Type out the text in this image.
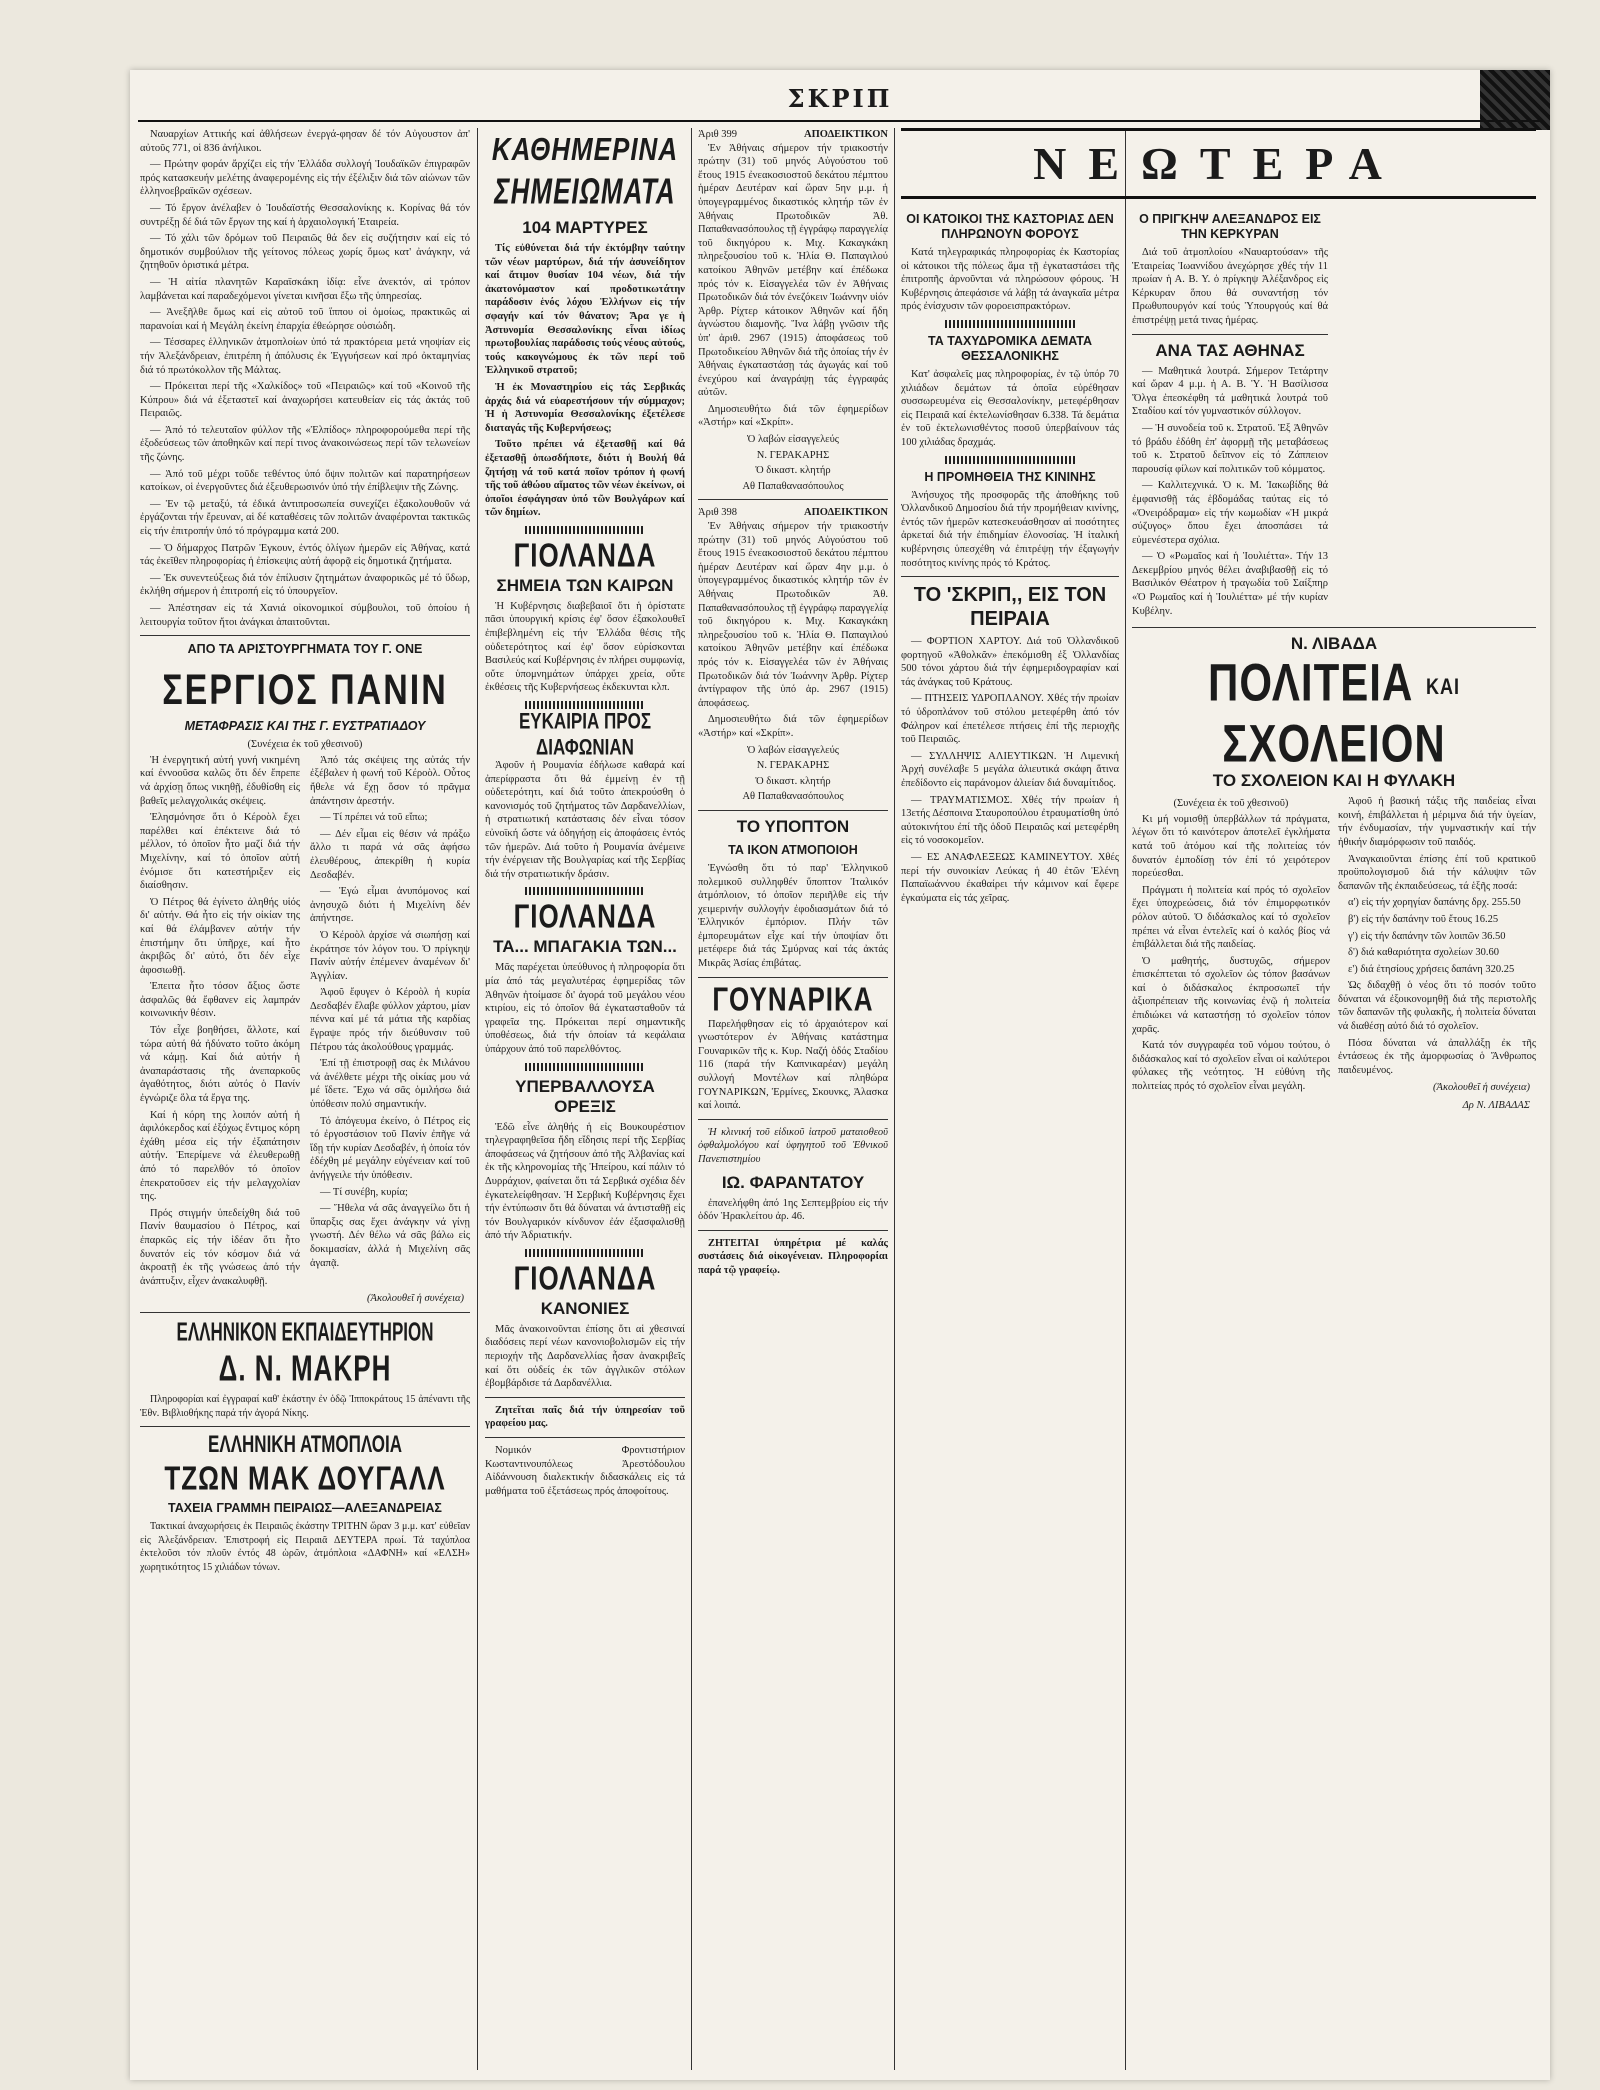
ΣΚΡΙΠ

Ναυαρχίων Αττικής καί ἀθλήσεων ἐνεργά-φησαν δέ τόν Αὐγουστον ἀπ' αὐτοῦς 771, οἱ 836 ἀνήλικοι.

— Πρώτην φοράν ἄρχίζει εἰς τήν Ἑλλάδα συλλογή Ἰουδαϊκῶν ἐπιγραφῶν πρός κατασκευήν μελέτης ἀναφερομένης εἰς τήν ἐξέλιξιν διά τῶν αἰώνων τῶν ἑλληνοεβραϊκῶν σχέσεων.

— Τό ἔργον ἀνέλαβεν ὁ Ἰουδαϊστής Θεσσαλονίκης κ. Κορίνας θά τόν συντρέξῃ δέ διά τῶν ἔργων της καί ἡ ἀρχαιολογική Ἑταιρεία.

— Τό χάλι τῶν δρόμων τοῦ Πειραιῶς θά δεν εἰς συζήτησιν καί εἰς τό δημοτικόν συμβούλιον τῆς γείτονος πόλεως χωρίς ὅμως κατ' ἀνάγκην, νά ζητηθοῦν ὁριστικά μέτρα.

— Ἡ αἰτία πλανητῶν Καραϊσκάκη ἰδίᾳ: εἶνε ἀνεκτόν, αἱ τρόπον λαμβάνεται καί παραδεχόμενοι γίνεται κινῆσαι ἔξω τῆς ὑπηρεσίας.

— Ἀνεξῆλθε ὅμως καί εἰς αὐτοῦ τοῦ ἵππου οἱ ὁμοίως, πρακτικῶς αἱ παρανοίαι καί ἡ Μεγάλη ἐκείνη ἐπαρχία ἐθεώρησε οὐσιώδη.

— Τέσσαρες ἑλληνικῶν ἀτμοπλοίων ὑπό τά πρακτόρεια μετά νηοψίαν εἰς τήν Ἀλεξάνδρειαν, ἐπιτρέπη ἡ ἀπόλυσις ἐκ Ἐγγυήσεων καί πρό ὀκταμηνίας διά τό πρωτόκολλον τῆς Μάλτας.

— Πρόκειται περί τῆς «Χαλκίδος» τοῦ «Πειραιῶς» καί τοῦ «Κοινοῦ τῆς Κύπρου» διά νά ἐξεταστεῖ καί ἀναχωρήσει κατευθείαν εἰς τάς ἀκτάς τοῦ Πειραιῶς.

— Ἀπό τό τελευταῖον φύλλον τῆς «Ἐλπίδος» πληροφορούμεθα περί τῆς ἐξοδεύσεως τῶν ἀποθηκῶν καί περί τινος ἀνακοινώσεως περί τῶν τελωνείων τῆς ζώνης.

— Ἀπό τοῦ μέχρι τοῦδε τεθέντος ὑπό ὄψιν πολιτῶν καί παρατηρήσεων κατοίκων, οἱ ἐνεργοῦντες διά ἐξευθερωσινόν ὑπό τήν ἐπίβλεψιν τῆς Ζώνης.

— Ἐν τῷ μεταξύ, τά ἐδικά ἀντιπροσωπεία συνεχίζει ἐξακολουθοῦν νά ἐργάζονται τήν ἔρευναν, αἱ δέ καταθέσεις τῶν πολιτῶν ἀναφέρονται τακτικῶς εἰς τήν ἐπιτροπήν ὑπό τό πρόγραμμα κατά 200.

— Ὁ δήμαρχος Πατρῶν Ἐγκουν, ἐντός ὀλίγων ἡμερῶν εἰς Ἀθήνας, κατά τάς ἐκεῖθεν πληροφορίας ἡ ἐπίσκεψις αὐτή ἀφορᾷ εἰς δημοτικά ζητήματα.

— Ἐκ συνεντεύξεως διά τόν ἐπίλυσιν ζητημάτων ἀναφορικῶς μέ τό ὕδωρ, ἐκλήθη σήμερον ἡ ἐπιτροπή εἰς τό ὑπουργεῖον.

— Ἀπέστησαν εἰς τά Χανιά οἰκονομικοί σύμβουλοι, τοῦ ὁποίου ἡ λειτουργία τοῦτον ἤτοι ἀνάγκαι ἀπαιτοῦνται.

ΑΠΟ ΤΑ ΑΡΙΣΤΟΥΡΓΗΜΑΤΑ ΤΟΥ Γ. ΟΝΕ
ΣΕΡΓΙΟΣ ΠΑΝΙΝ
ΜΕΤΑΦΡΑΣΙΣ ΚΑΙ ΤΗΣ Γ. ΕΥΣΤΡΑΤΙΑΔΟΥ
(Συνέχεια ἐκ τοῦ χθεσινοῦ)

Ἡ ἐνεργητική αὐτή γυνή νικημένη καί ἐννοοῦσα καλῶς ὅτι δέν ἔπρεπε νά ἀρχίσῃ ὅπως νικηθῇ, ἐδυθίσθη εἰς βαθεῖς μελαγχολικάς σκέψεις.

Ἐλησμόνησε ὅτι ὁ Κέροὸλ ἔχει παρέλθει καί ἐπέκτεινε διά τό μέλλον, τό ὁποῖον ἦτο μαζί διά τήν Μιχελίνην, καί τό ὁποῖον αὐτή ἐνόμισε ὅτι κατεστήριξεν εἰς διαίσθησιν.

Ὁ Πέτρος θά ἐγίνετο ἀληθής υἱός δι' αὐτήν. Θά ἦτο εἰς τήν οἰκίαν της καί θά ἐλάμβανεν αὐτήν τήν ἐπιστήμην ὅτι ὑπῆρχε, καί ἦτο ἀκριβῶς δι' αὐτό, ὅτι δέν εἶχε ἀφοσιωθῇ.

Ἐπειτα ἦτο τόσον ἄξιος ὥστε ἀσφαλῶς θά ἔφθανεν εἰς λαμπράν κοινωνικήν θέσιν.

Τόν εἶχε βοηθήσει, ἄλλοτε, καί τώρα αὐτή θά ἠδύνατο τοῦτο ἀκόμη νά κάμῃ. Καί διά αὐτήν ἡ ἀναπαράστασις τῆς ἀνεπαρκοῦς ἀγαθότητος, διότι αὐτός ὁ Πανίν ἐγνώριζε ὅλα τά ἔργα της.

Καί ἡ κόρη της λοιπόν αὐτή ἡ ἀφιλόκερδος καί ἐξόχως ἔντιμος κόρη ἐχάθη μέσα εἰς τήν ἐξαπάτησιν αὐτήν. Ἐπερίμενε νά ἐλευθερωθῇ ἀπό τό παρελθόν τό ὁποῖον ἐπεκρατοῦσεν εἰς τήν μελαγχολίαν της.

Πρός στιγμήν ὑπεδείχθη διά τοῦ Πανίν θαυμασίου ὁ Πέτρος, καί ἐπαρκῶς εἰς τήν ἰδέαν ὅτι ἦτο δυνατόν εἰς τόν κόσμον διά νά ἀκροατῇ ἐκ τῆς γνώσεως ἀπό τήν ἀνάπτυξιν, εἶχεν ἀνακαλυφθῇ.

Ἀπό τάς σκέψεις της αὐτάς τήν ἐξέβαλεν ἡ φωνή τοῦ Κέροὸλ. Οὗτος ἤθελε νά ἔχῃ ὅσον τό πρᾶγμα ἀπάντησιν ἀρεστήν.

— Τί πρέπει νά τοῦ εἴπω;

— Δέν εἶμαι εἰς θέσιν νά πράξω ἄλλο τι παρά νά σᾶς ἀφήσω ἐλευθέρους, ἀπεκρίθη ἡ κυρία Δεσδαβέν.

— Ἐγώ εἶμαι ἀνυπόμονος καί ἀνησυχῶ διότι ἡ Μιχελίνη δέν ἀπήντησε.

Ὁ Κέροὸλ ἀρχίσε νά σιωπήσῃ καί ἐκράτησε τόν λόγον του. Ὁ πρίγκηψ Πανίν αὐτήν ἐπέμενεν ἀναμένων δι' Ἀγγλίαν.

Ἀφοῦ ἔφυγεν ὁ Κέροὸλ ἡ κυρία Δεσδαβέν ἔλαβε φύλλον χάρτου, μίαν πέννα καί μέ τά μάτια τῆς καρδίας ἔγραψε πρός τήν διεύθυνσιν τοῦ Πέτρου τάς ἀκολούθους γραμμάς.

Ἐπί τῇ ἐπιστροφῇ σας ἐκ Μιλάνου νά ἀνέλθετε μέχρι τῆς οἰκίας μου νά μέ ἴδετε. Ἔχω νά σᾶς ὁμιλήσω διά ὑπόθεσιν πολύ σημαντικήν.

Τό ἀπόγευμα ἐκείνο, ὁ Πέτρος εἰς τό ἐργοστάσιον τοῦ Πανίν ἐπῆγε νά ἴδῃ τήν κυρίαν Δεσδαβέν, ἡ ὁποία τόν ἐδέχθη μέ μεγάλην εὐγένειαν καί τοῦ ἀνήγγειλε τήν ὑπόθεσιν.

— Τί συνέβη, κυρία;

— Ἤθελα νά σᾶς ἀναγγείλω ὅτι ἡ ὕπαρξις σας ἔχει ἀνάγκην νά γίνῃ γνωστή. Δέν θέλω νά σᾶς βάλω εἰς δοκιμασίαν, ἀλλά ἡ Μιχελίνη σᾶς ἀγαπᾷ.

(Ἀκολουθεῖ ἡ συνέχεια)
ΕΛΛΗΝΙΚΟΝ ΕΚΠΑΙΔΕΥΤΗΡΙΟΝ
Δ. Ν. ΜΑΚΡΗ

Πληροφορίαι καί ἐγγραφαί καθ' ἑκάστην ἐν ὁδῷ Ἱπποκράτους 15 ἀπέναντι τῆς Ἐθν. Βιβλιοθήκης παρά τήν ἀγορά Νίκης.

ΕΛΛΗΝΙΚΗ ΑΤΜΟΠΛΟΙΑ
ΤΖΩΝ ΜΑΚ ΔΟΥΓΑΛΛ
ΤΑΧΕΙΑ ΓΡΑΜΜΗ ΠΕΙΡΑΙΩΣ—ΑΛΕΞΑΝΔΡΕΙΑΣ

Τακτικαί ἀναχωρήσεις ἐκ Πειραιῶς ἑκάστην ΤΡΙΤΗΝ ὥραν 3 μ.μ. κατ' εὐθεῖαν εἰς Ἀλεξάνδρειαν. Ἐπιστροφή εἰς Πειραιᾶ ΔΕΥΤΕΡΑ πρωί. Τά ταχύπλοα ἐκτελοῦσι τόν πλοῦν ἐντός 48 ὡρῶν, ἀτμόπλοια «ΔΑΦΝΗ» καί «ΕΛΣΗ» χωρητικότητος 15 χιλιάδων τόνων.

ΚΑΘΗΜΕΡΙΝΑ
ΣΗΜΕΙΩΜΑΤΑ
104 ΜΑΡΤΥΡΕΣ

Τίς εὐθύνεται διά τήν ἐκτόμβην ταύτην τῶν νέων μαρτύρων, διά τήν ἀσυνείδητον καί ἄτιμον θυσίαν 104 νέων, διά τήν ἀκατονόμαστον καί προδοτικωτάτην παράδοσιν ἑνός λόχου Ἑλλήνων εἰς τήν σφαγήν καί τόν θάνατον; Ἄρα γε ἡ Ἀστυνομία Θεσσαλονίκης εἶναι ἰδίως πρωτοβουλίας παράδοσις τούς νέους αὐτούς, τούς κακογνώμους ἐκ τῶν περί τοῦ Ἑλληνικοῦ στρατοῦ;

Ἡ ἐκ Μοναστηρίου εἰς τάς Σερβικάς ἀρχάς διά νά εὐαρεστήσουν τήν σύμμαχον; Ἡ ἡ Ἀστυνομία Θεσσαλονίκης ἐξετέλεσε διαταγάς τῆς Κυβερνήσεως;

Τοῦτο πρέπει νά ἐξετασθῇ καί θά ἐξετασθῇ ὁπωσδήποτε, διότι ἡ Βουλή θά ζητήσῃ νά τοῦ κατά ποῖον τρόπον ἡ φωνή τῆς τοῦ ἀθώου αἵματος τῶν νέων ἐκείνων, οἱ ὁποῖοι ἐσφάγησαν ὑπό τῶν Βουλγάρων καί τῶν δημίων.

ΓΙΟΛΑΝΔΑ
ΣΗΜΕΙΑ ΤΩΝ ΚΑΙΡΩΝ

Ἡ Κυβέρνησις διαβεβαιοῖ ὅτι ἡ ὁρίστατε πᾶσι ὑπουργική κρίσις ἐφ' ὅσον ἐξακολουθεῖ ἐπιβεβλημένη εἰς τήν Ἑλλάδα θέσις τῆς οὐδετερότητος καί ἐφ' ὅσον εὐρίσκονται Βασιλεύς καί Κυβέρνησις ἐν πλήρει συμφωνίᾳ, οὔτε ὑπομνημάτων ὑπάρχει χρεία, οὔτε ἐκθέσεις τῆς Κυβερνήσεως ἐκδεκυνται κλπ.

ΕΥΚΑΙΡΙΑ ΠΡΟΣ ΔΙΑΦΩΝΙΑΝ

Ἀφοῦν ἡ Ρουμανία ἐδήλωσε καθαρά καί ἀπερίφραστα ὅτι θά ἐμμείνῃ ἐν τῇ οὐδετερότητι, καί διά τοῦτο ἀπεκρούσθη ὁ κανονισμός τοῦ ζητήματος τῶν Δαρδανελλίων, ἡ στρατιωτική κατάστασις δέν εἶναι τόσον εὐνοϊκή ὥστε νά ὁδηγήσῃ εἰς ἀποφάσεις ἐντός τῶν ἡμερῶν. Διά τοῦτο ἡ Ρουμανία ἀνέμεινε τήν ἐνέργειαν τῆς Βουλγαρίας καί τῆς Σερβίας διά τήν στρατιωτικήν δράσιν.

ΓΙΟΛΑΝΔΑ
ΤΑ... ΜΠΑΓΑΚΙΑ ΤΩΝ...

Μᾶς παρέχεται ὑπεύθυνος ἡ πληροφορία ὅτι μία ἀπό τάς μεγαλυτέρας ἐφημερίδας τῶν Ἀθηνῶν ἠτοίμασε δι' ἀγορά τοῦ μεγάλου νέου κτιρίου, εἰς τό ὁποῖον θά ἐγκατασταθοῦν τά γραφεῖα της. Πρόκειται περί σημαντικῆς ὑποθέσεως, διά τήν ὁποίαν τά κεφάλαια ὑπάρχουν ἀπό τοῦ παρελθόντος.

ΥΠΕΡΒΑΛΛΟΥΣΑ ΟΡΕΞΙΣ

Ἐδῶ εἶνε ἀληθής ἡ εἰς Βουκουρέστιον τηλεγραφηθεῖσα ἤδη εἴδησις περί τῆς Σερβίας ἀποφάσεως νά ζητήσουν ἀπό τῆς Ἀλβανίας καί ἐκ τῆς κληρονομίας τῆς Ἠπείρου, καί πάλιν τό Δυρράχιον, φαίνεται ὅτι τά Σερβικά σχέδια δέν ἐγκατελείφθησαν. Ἡ Σερβική Κυβέρνησις ἔχει τήν ἐντύπωσιν ὅτι θά δύναται νά ἀντισταθῇ εἰς τόν Βουλγαρικόν κίνδυνον ἐάν ἐξασφαλισθῇ ἀπό τήν Ἀδριατικήν.

ΓΙΟΛΑΝΔΑ
ΚΑΝΟΝΙΕΣ

Μᾶς ἀνακοινοῦνται ἐπίσης ὅτι αἱ χθεσιναί διαδόσεις περί νέων κανονιοβολισμῶν εἰς τήν περιοχήν τῆς Δαρδανελλίας ἦσαν ἀνακριβεῖς καί ὅτι οὐδείς ἐκ τῶν ἀγγλικῶν στόλων ἐβομβάρδισε τά Δαρδανέλλια.

Ζητεῖται παῖς διά τήν ὑπηρεσίαν τοῦ γραφείου μας.

Νομικόν Φροντιστήριον Κωσταντινουπόλεως Ἀρεστόδουλου Αἰδάννουση διαλεκτικήν διδασκάλεις εἰς τά μαθήματα τοῦ ἐξετάσεως πρός ἀποφοίτους.

Ἀριθ 399	ΑΠΟΔΕΙΚΤΙΚΟΝ

Ἐν Ἀθήναις σήμερον τήν τριακοστήν πρώτην (31) τοῦ μηνός Αὐγούστου τοῦ ἔτους 1915 ἐνεακοσιοστοῦ δεκάτου πέμπτου ἡμέραν Δευτέραν καί ὥραν 5ην μ.μ. ἡ ὑπογεγραμμένος δικαστικός κλητήρ τῶν ἐν Ἀθήναις Πρωτοδικῶν Ἀθ. Παπαθανασόπουλος τῇ ἐγγράφῳ παραγγελίᾳ τοῦ δικηγόρου κ. Μιχ. Κακαγκάκη πληρεξουσίου τοῦ κ. Ἠλία Θ. Παπαγιλού κατοίκου Ἀθηνῶν μετέβην καί ἐπέδωκα πρός τόν κ. Εἰσαγγελέα τῶν ἐν Ἀθήναις Πρωτοδικῶν διά τόν ἐνεζόκειν Ἰωάννην υἱόν Ἀρθρ. Ρίχτερ κάτοικον Ἀθηνῶν καί ἤδη ἀγνώστου διαμονῆς. Ἵνα λάβῃ γνῶσιν τῆς ὑπ' ἀριθ. 2967 (1915) ἀποφάσεως τοῦ Πρωτοδικείου Ἀθηνῶν διά τῆς ὁποίας τήν ἐν Ἀθήναις ἐγκαταστάσῃ τάς ἀγωγάς καί τοῦ ἐνεχύρου καί ἀναγράψῃ τάς ἐγγραφάς αὐτῶν.

Δημοσιευθήτω διά τῶν ἐφημερίδων «Ἀστήρ» καί «Σκρίπ».

Ὁ λαβών εἰσαγγελεύς
Ν. ΓΕΡΑΚΑΡΗΣ
Ὁ δικαστ. κλητήρ
Αθ Παπαθανασόπουλος
Ἀριθ 398	ΑΠΟΔΕΙΚΤΙΚΟΝ

Ἐν Ἀθήναις σήμερον τήν τριακοστήν πρώτην (31) τοῦ μηνός Αὐγούστου τοῦ ἔτους 1915 ἐνεακοσιοστοῦ δεκάτου πέμπτου ἡμέραν Δευτέραν καί ὥραν 4ην μ.μ. ὁ ὑπογεγραμμένος δικαστικός κλητήρ τῶν ἐν Ἀθήναις Πρωτοδικῶν Ἀθ. Παπαθανασόπουλος τῇ ἐγγράφῳ παραγγελίᾳ τοῦ δικηγόρου κ. Μιχ. Κακαγκάκη πληρεξουσίου τοῦ κ. Ἠλία Θ. Παπαγιλού κατοίκου Ἀθηνῶν μετέβην καί ἐπέδωκα πρός τόν κ. Εἰσαγγελέα τῶν ἐν Ἀθήναις Πρωτοδικῶν διά τόν Ἰωάννην Ἀρθρ. Ρίχτερ ἀντίγραφον τῆς ὑπό ἀρ. 2967 (1915) ἀποφάσεως.

Δημοσιευθήτω διά τῶν ἐφημερίδων «Ἀστήρ» καί «Σκρίπ».

Ὁ λαβών εἰσαγγελεύς
Ν. ΓΕΡΑΚΑΡΗΣ
Ὁ δικαστ. κλητήρ
Αθ Παπαθανασόπουλος
ΤΟ ΥΠΟΠΤΟΝ
ΤΑ ΙΚΟΝ ΑΤΜΟΠΟΙΟΗ

Ἐγνώσθη ὅτι τό παρ' Ἑλληνικοῦ πολεμικοῦ συλληφθέν ὕποπτον Ἰταλικόν ἀτμόπλοιον, τό ὁποῖον περιῆλθε εἰς τήν χειμερινήν συλλογήν ἐφοδιασμάτων διά τό Ἑλληνικόν ἐμπόριον. Πλήν τῶν ἐμπορευμάτων εἶχε καί τήν ὑποψίαν ὅτι μετέφερε διά τάς Σμύρνας καί τάς ἀκτάς Μικρᾶς Ἀσίας ἐπιβάτας.

ΓΟΥΝΑΡΙΚΑ

Παρελήφθησαν εἰς τό ἀρχαιότερον καί γνωστότερον ἐν Ἀθήναις κατάστημα Γουναρικῶν τῆς κ. Κυρ. Ναζή ὁδός Σταδίου 116 (παρά τήν Καπνικαρέαν) μεγάλη συλλογή Μοντέλων καί πληθώρα ΓΟΥΝΑΡΙΚΩΝ, Ἐρμίνες, Σκουνκς, Ἀλασκα καί λοιπά.

Ἡ κλινική τοῦ εἰδικοῦ ἰατροῦ ματαιοθεοῦ ὀφθαλμολόγου καί ὑφηγητοῦ τοῦ Ἐθνικοῦ Πανεπιστημίου

ΙΩ. ΦΑΡΑΝΤΑΤΟΥ

ἐπανελήφθη ἀπό 1ης Σεπτεμβρίου εἰς τήν ὁδόν Ἡρακλείτου ἀρ. 46.

ΖΗΤΕΙΤΑΙ ὑπηρέτρια μέ καλάς συστάσεις διά οἰκογένειαν. Πληροφορίαι παρά τῷ γραφείῳ.

ΝΕΩΤΕΡΑ
ΟΙ ΚΑΤΟΙΚΟΙ ΤΗΣ ΚΑΣΤΟΡΙΑΣ ΔΕΝ ΠΛΗΡΩΝΟΥΝ ΦΟΡΟΥΣ

Κατά τηλεγραφικάς πληροφορίας ἐκ Καστορίας οἱ κάτοικοι τῆς πόλεως ἅμα τῇ ἐγκαταστάσει τῆς ἐπιτροπῆς ἀρνοῦνται νά πληρώσουν φόρους. Ἡ Κυβέρνησις ἀπεφάσισε νά λάβῃ τά ἀναγκαῖα μέτρα πρός ἐνίσχυσιν τῶν φοροεισπρακτόρων.

ΤΑ ΤΑΧΥΔΡΟΜΙΚΑ ΔΕΜΑΤΑ ΘΕΣΣΑΛΟΝΙΚΗΣ

Κατ' ἀσφαλεῖς μας πληροφορίας, ἐν τῷ ὑπόρ 70 χιλιάδων δεμάτων τά ὁποῖα εὑρέθησαν συσσωρευμένα εἰς Θεσσαλονίκην, μετεφέρθησαν εἰς Πειραιᾶ καί ἐκτελωνίσθησαν 6.338. Τά δεμάτια ἐν τοῦ ἐκτελωνισθέντος ποσοῦ ὑπερβαίνουν τάς 100 χιλιάδας δραχμάς.

Η ΠΡΟΜΗΘΕΙΑ ΤΗΣ ΚΙΝΙΝΗΣ

Ἀνήσυχος τῆς προσφορᾶς τῆς ἀποθήκης τοῦ Ὁλλανδικοῦ Δημοσίου διά τήν προμήθειαν κινίνης, ἐντός τῶν ἡμερῶν κατεσκευάσθησαν αἱ ποσότητες ἀρκεταί διά τήν ἐπιδημίαν ἐλονοσίας. Ἡ ἰταλική κυβέρνησις ὑπεσχέθη νά ἐπιτρέψῃ τήν ἐξαγωγήν ποσότητος κινίνης πρός τό Κράτος.

ΤΟ 'ΣΚΡΙΠ,, ΕΙΣ ΤΟΝ ΠΕΙΡΑΙΑ

— ΦΟΡΤΙΟΝ ΧΑΡΤΟΥ. Διά τοῦ Ὁλλανδικοῦ φορτηγοῦ «Ἀθολκᾶν» ἐπεκόμισθη ἐξ Ὁλλανδίας 500 τόνοι χάρτου διά τήν ἐφημεριδογραφίαν καί τάς ἀνάγκας τοῦ Κράτους.

— ΠΤΗΣΕΙΣ ΥΔΡΟΠΛΑΝΟΥ. Χθές τήν πρωίαν τό ὑδροπλάνον τοῦ στόλου μετεφέρθη ἀπό τόν Φάληρον καί ἐπετέλεσε πτήσεις ἐπί τῆς περιοχῆς τοῦ Πειραιῶς.

— ΣΥΛΛΗΨΙΣ ΑΛΙΕΥΤΙΚΩΝ. Ἡ Λιμενική Ἀρχή συνέλαβε 5 μεγάλα ἀλιευτικά σκάφη ἅτινα ἐπεδίδοντο εἰς παράνομον ἁλιείαν διά δυναμίτιδος.

— ΤΡΑΥΜΑΤΙΣΜΟΣ. Χθές τήν πρωίαν ἡ 13ετής Δέσποινα Σταυροπούλου ἐτραυματίσθη ὑπό αὐτοκινήτου ἐπί τῆς ὁδοῦ Πειραιῶς καί μετεφέρθη εἰς τό νοσοκομεῖον.

— ΕΣ ΑΝΑΦΛΕΞΕΩΣ ΚΑΜΙΝΕΥΤΟΥ. Χθές περί τήν συνοικίαν Λεύκας ἡ 40 ἐτῶν Ἑλένη Παπαϊωάννου ἐκαθαίρει τήν κάμινον καί ἔφερε ἐγκαύματα εἰς τάς χεῖρας.

Ο ΠΡΙΓΚΗΨ ΑΛΕΞΑΝΔΡΟΣ ΕΙΣ ΤΗΝ ΚΕΡΚΥΡΑΝ

Διά τοῦ ἀτμοπλοίου «Ναυαρτούσαν» τῆς Ἑταιρείας Ἰωαννίδου ἀνεχώρησε χθές τήν 11 πρωίαν ἡ Α. Β. Υ. ὁ πρίγκηψ Ἀλέξανδρος εἰς Κέρκυραν ὅπου θά συναντήσῃ τόν Πρωθυπουργόν καί τούς Ὑπουργούς καί θά ἐπιστρέψῃ μετά τινας ἡμέρας.

ΑΝΑ ΤΑΣ ΑΘΗΝΑΣ

— Μαθητικά λουτρά. Σήμερον Τετάρτην καί ὥραν 4 μ.μ. ἡ Α. Β. Ὑ. Ἡ Βασίλισσα Ὄλγα ἐπεσκέφθη τά μαθητικά λουτρά τοῦ Σταδίου καί τόν γυμναστικόν σύλλογον.

— Ἡ συνοδεία τοῦ κ. Στρατοῦ. Ἐξ Ἀθηνῶν τό βράδυ ἐδόθη ἐπ' ἀφορμῇ τῆς μεταβάσεως τοῦ κ. Στρατοῦ δεῖπνον εἰς τό Ζάππειον παρουσίᾳ φίλων καί πολιτικῶν τοῦ κόμματος.

— Καλλιτεχνικά. Ὁ κ. Μ. Ἰακωβίδης θά ἐμφανισθῇ τάς ἑβδομάδας ταύτας εἰς τό «Ὀνειρόδραμα» εἰς τήν κωμωδίαν «Ἡ μικρά σύζυγος» ὅπου ἔχει ἀποσπάσει τά εὐμενέστερα σχόλια.

— Ὁ «Ρωμαῖος καί ἡ Ἰουλιέττα». Τήν 13 Δεκεμβρίου μηνός θέλει ἀναβιβασθῇ εἰς τό Βασιλικόν Θέατρον ἡ τραγωδία τοῦ Σαίξπηρ «Ὁ Ρωμαῖος καί ἡ Ἰουλιέττα» μέ τήν κυρίαν Κυβέλην.

Ν. ΛΙΒΑΔΑ
ΠΟΛΙΤΕΙΑ ΚΑΙ ΣΧΟΛΕΙΟΝ
ΤΟ ΣΧΟΛΕΙΟΝ ΚΑΙ Η ΦΥΛΑΚΗ
(Συνέχεια ἐκ τοῦ χθεσινοῦ)

Κι μή νομισθῇ ὑπερβάλλων τά πράγματα, λέγων ὅτι τό καινότερον ἀποτελεῖ ἐγκλήματα κατά τοῦ ἀτόμου καί τῆς πολιτείας τόν δυνατόν ἐμποδίσῃ τόν ἐπί τό χειρότερον πορεύεσθαι.

Πράγματι ἡ πολιτεία καί πρός τό σχολεῖον ἔχει ὑποχρεώσεις, διά τόν ἐπιμορφωτικόν ρόλον αὐτοῦ. Ὁ διδάσκαλος καί τό σχολεῖον πρέπει νά εἶναι ἐντελεῖς καί ὁ καλός βίος νά ἐπιβάλλεται διά τῆς παιδείας.

Ὁ μαθητής, δυστυχῶς, σήμερον ἐπισκέπτεται τό σχολεῖον ὡς τόπον βασάνων καί ὁ διδάσκαλος ἐκπροσωπεῖ τήν ἀξιοπρέπειαν τῆς κοινωνίας ἐνῷ ἡ πολιτεία ἐπιδιώκει νά καταστήσῃ τό σχολεῖον τόπον χαρᾶς.

Κατά τόν συγγραφέα τοῦ νόμου τούτου, ὁ διδάσκαλος καί τό σχολεῖον εἶναι οἱ καλύτεροι φύλακες τῆς νεότητος. Ἡ εὐθύνη τῆς πολιτείας πρός τό σχολεῖον εἶναι μεγάλη.

Ἀφοῦ ἡ βασική τάξις τῆς παιδείας εἶναι κοινή, ἐπιβάλλεται ἡ μέριμνα διά τήν ὑγείαν, τήν ἐνδυμασίαν, τήν γυμναστικήν καί τήν ἠθικήν διαμόρφωσιν τοῦ παιδός.

Ἀναγκαιοῦνται ἐπίσης ἐπί τοῦ κρατικοῦ προϋπολογισμοῦ διά τήν κάλυψιν τῶν δαπανῶν τῆς ἐκπαιδεύσεως, τά ἑξῆς ποσά:

α') εἰς τήν χορηγίαν δαπάνης δρχ. 255.50

β') εἰς τήν δαπάνην τοῦ ἔτους 16.25

γ') εἰς τήν δαπάνην τῶν λοιπῶν 36.50

δ') διά καθαριότητα σχολείων 30.60

ε') διά ἐτησίους χρήσεις δαπάνη 320.25

Ὡς διδαχθῇ ὁ νέος ὅτι τό ποσόν τοῦτο δύναται νά ἐξοικονομηθῇ διά τῆς περιστολῆς τῶν δαπανῶν τῆς φυλακῆς, ἡ πολιτεία δύναται νά διαθέσῃ αὐτό διά τό σχολεῖον.

Πόσα δύναται νά ἀπαλλάξῃ ἐκ τῆς ἐντάσεως ἐκ τῆς ἀμορφωσίας ὁ Ἄνθρωπος παιδευμένος.

(Ἀκολουθεῖ ἡ συνέχεια)
Δρ Ν. ΛΙΒΑΔΑΣ
